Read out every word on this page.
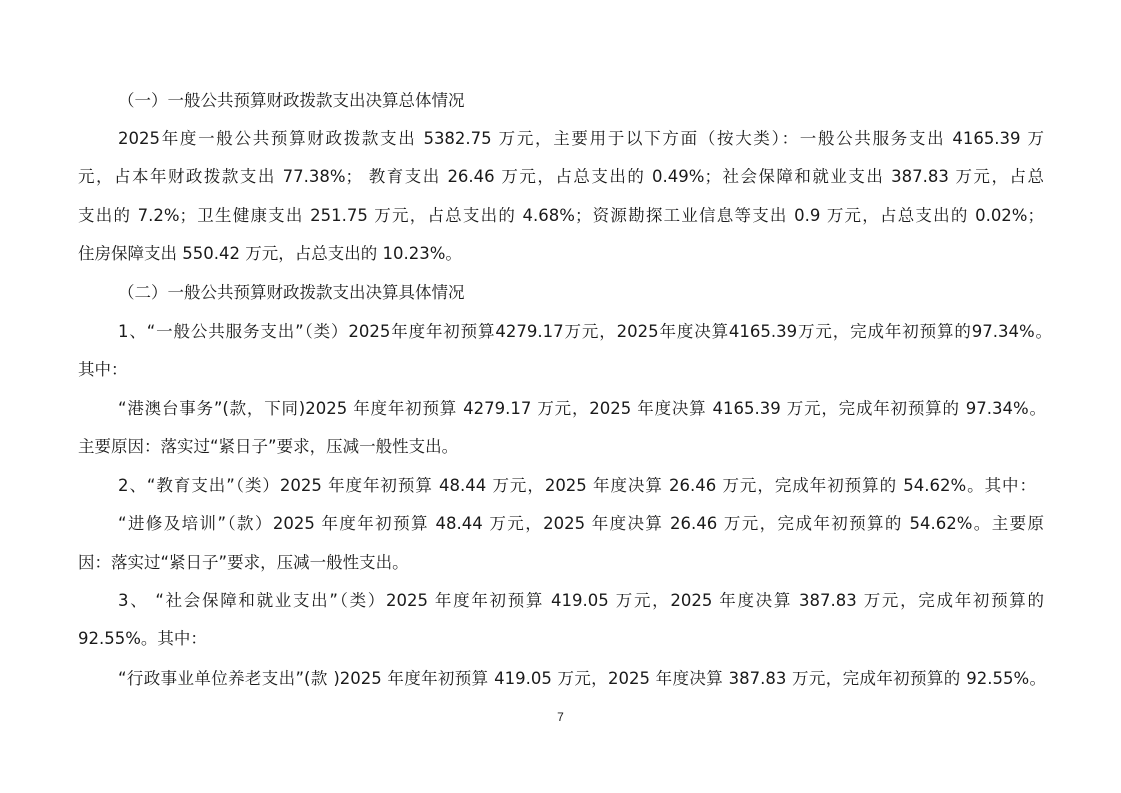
（一）一般公共预算财政拨款支出决算总体情况
2025年度一般公共预算财政拨款支出 5382.75 万元，主要用于以下方面（按大类）：一般公共服务支出 4165.39 万
元，占本年财政拨款支出 77.38%； 教育支出 26.46 万元，占总支出的 0.49%；社会保障和就业支出 387.83 万元，占总
支出的 7.2%；卫生健康支出 251.75 万元，占总支出的 4.68%；资源勘探工业信息等支出 0.9 万元，占总支出的 0.02%；
住房保障支出 550.42 万元，占总支出的 10.23%。
（二）一般公共预算财政拨款支出决算具体情况
1、“一般公共服务支出”（类）2025年度年初预算4279.17万元，2025年度决算4165.39万元，完成年初预算的97.34%。
其中：
“港澳台事务”(款，下同)2025 年度年初预算 4279.17 万元，2025 年度决算 4165.39 万元，完成年初预算的 97.34%。
主要原因：落实过“紧日子”要求，压减一般性支出。
2、“教育支出”（类）2025 年度年初预算 48.44 万元，2025 年度决算 26.46 万元，完成年初预算的 54.62%。其中：
“进修及培训”（款）2025 年度年初预算 48.44 万元，2025 年度决算 26.46 万元，完成年初预算的 54.62%。主要原
因：落实过“紧日子”要求，压减一般性支出。
3、 “社会保障和就业支出”（类）2025 年度年初预算 419.05 万元，2025 年度决算 387.83 万元，完成年初预算的
92.55%。其中：
“行政事业单位养老支出”(款 )2025 年度年初预算 419.05 万元，2025 年度决算 387.83 万元，完成年初预算的 92.55%。
7
